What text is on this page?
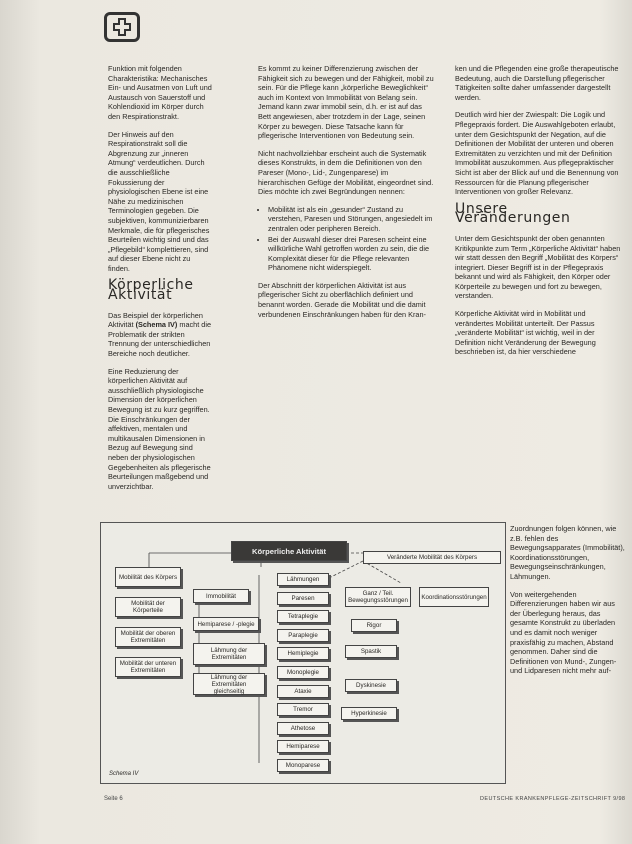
Funktion mit folgenden Charakteristika: Mechanisches Ein- und Ausatmen von Luft und Austausch von Sauerstoff und Kohlendioxid im Körper durch den Respirationstrakt.

Der Hinweis auf den Respirationstrakt soll die Abgrenzung zur „inneren Atmung“ verdeutlichen. Durch die ausschließliche Fokussierung der physiologischen Ebene ist eine Nähe zu medizinischen Terminologien gegeben. Die subjektiven, kommunizierbaren Merkmale, die für pflegerisches Beurteilen wichtig sind und das „Pflegebild“ komplettieren, sind auf dieser Ebene nicht zu finden.

Körperliche Aktivität

Das Beispiel der körperlichen Aktivität (Schema IV) macht die Problematik der strikten Trennung der unterschiedlichen Bereiche noch deutlicher.

Eine Reduzierung der körperlichen Aktivität auf ausschließlich physiologische Dimension der körperlichen Bewegung ist zu kurz gegriffen. Die Einschränkungen der affektiven, mentalen und multikausalen Dimensionen in Bezug auf Bewegung sind neben der physiologischen Gegebenheiten als pflegerische Beurteilungen maßgebend und unverzichtbar.

Es kommt zu keiner Differenzierung zwischen der Fähigkeit sich zu bewegen und der Fähigkeit, mobil zu sein. Für die Pflege kann „körperliche Beweglichkeit“ auch im Kontext von Immobilität von Belang sein. Jemand kann zwar immobil sein, d.h. er ist auf das Bett angewiesen, aber trotzdem in der Lage, seinen Körper zu bewegen. Diese Tatsache kann für pflegerische Interventionen von Bedeutung sein.

Nicht nachvollziehbar erscheint auch die Systematik dieses Konstrukts, in dem die Definitionen von den Pareser (Mono-, Lid-, Zungenparese) im hierarchischen Gefüge der Mobilität, eingeordnet sind. Dies möchte ich zwei Begründungen nennen:

• Mobilität ist als ein „gesunder“ Zustand zu verstehen, Paresen und Störungen, angesiedelt im zentralen oder peripheren Bereich.
• Bei der Auswahl dieser drei Paresen scheint eine willkürliche Wahl getroffen worden zu sein, die die Komplexität dieser für die Pflege relevanten Phänomene nicht widerspiegelt.

Der Abschnitt der körperlichen Aktivität ist aus pflegerischer Sicht zu oberflächlich definiert und benannt worden. Gerade die Mobilität und die damit verbundenen Einschränkungen haben für den Kran-

ken und die Pflegenden eine große therapeutische Bedeutung, auch die Darstellung pflegerischer Tätigkeiten sollte daher umfassender dargestellt werden.

Deutlich wird hier der Zwiespalt: Die Logik und Pflegepraxis fordert. Die Auswahlgeboten erlaubt, unter dem Gesichtspunkt der Negation, auf die Definitionen der Mobilität der unteren und oberen Extremitäten zu verzichten und mit der Definition Immobilität auszukommen. Aus pflegepraktischer Sicht ist aber der Blick auf und die Benennung von Ressourcen für die Planung pflegerischer Interventionen von großer Relevanz.

Unsere Veränderungen

Unter dem Gesichtspunkt der oben genannten Kritikpunkte zum Term „Körperliche Aktivität“ haben wir statt dessen den Begriff „Mobilität des Körpers“ integriert. Dieser Begriff ist in der Pflegepraxis bekannt und wird als Fähigkeit, den Körper oder Körperteile zu bewegen und fort zu bewegen, verstanden.

Körperliche Aktivität wird in Mobilität und verändertes Mobilität unterteilt. Der Passus „veränderte Mobilität“ ist wichtig, weil in der Definition nicht Veränderung der Bewegung beschrieben ist, da hier verschiedene

Zuordnungen folgen können, wie z.B. fehlen des Bewegungsapparates (Immobilität), Koordinationsstörungen, Bewegungseinschränkungen, Lähmungen.

Von weitergehenden Differenzierungen haben wir aus der Überlegung heraus, das gesamte Konstrukt zu überladen und es damit noch weniger praxisfähig zu machen, Abstand genommen. Daher sind die Definitionen von Mund-, Zungen- und Lidparesen nicht mehr auf-

Körperliche Aktivität
Veränderte Mobilität des Körpers
Mobilität des Körpers
Mobilität der Körperteile
Mobilität der oberen Extremitäten
Mobilität der unteren Extremitäten
Immobilität
Hemiparese / -plegie
Lähmung der Extremitäten
Lähmung der Extremitäten gleichseitig
Lähmungen
Paresen
Tetraplegie
Paraplegie
Hemiplegie
Monoplegie
Ataxie
Tremor
Athetose
Hemiparese
Monoparese
Ganz / Teil. Bewegungsstörungen	Koordinationsstörungen
Rigor
Spastik
Dyskinesie
Hyperkinesie
Schema IV
Seite 6	DEUTSCHE KRANKENPFLEGE-ZEITSCHRIFT 9/98
